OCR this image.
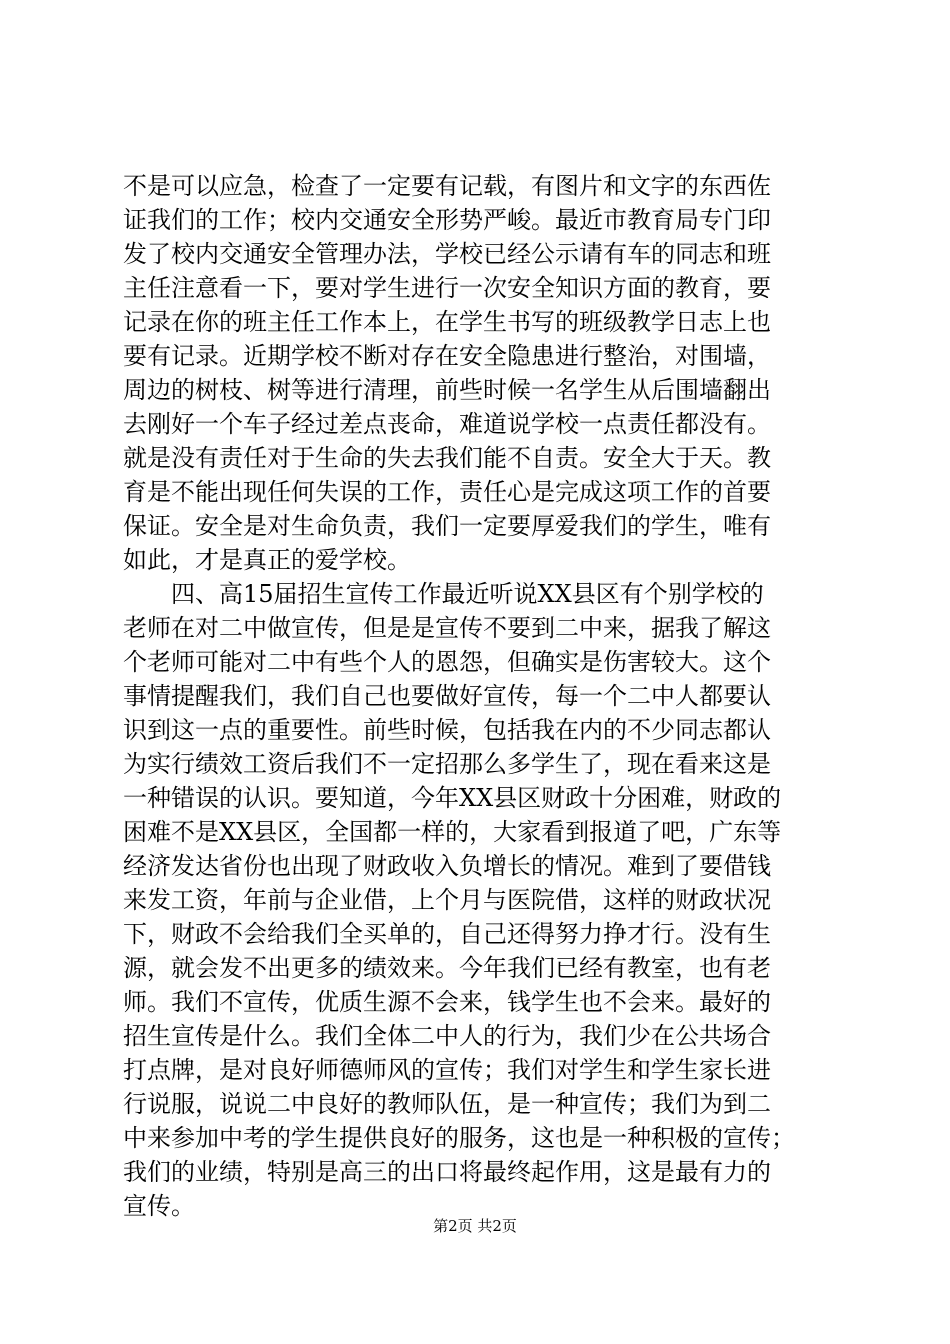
不是可以应急，检查了一定要有记载，有图片和文字的东西佐
证我们的工作；校内交通安全形势严峻。最近市教育局专门印
发了校内交通安全管理办法，学校已经公示请有车的同志和班
主任注意看一下，要对学生进行一次安全知识方面的教育，要
记录在你的班主任工作本上，在学生书写的班级教学日志上也
要有记录。近期学校不断对存在安全隐患进行整治，对围墙，
周边的树枝、树等进行清理，前些时候一名学生从后围墙翻出
去刚好一个车子经过差点丧命，难道说学校一点责任都没有。
就是没有责任对于生命的失去我们能不自责。安全大于天。教
育是不能出现任何失误的工作，责任心是完成这项工作的首要
保证。安全是对生命负责，我们一定要厚爱我们的学生，唯有
如此，才是真正的爱学校。
四、高15届招生宣传工作最近听说XX县区有个别学校的
老师在对二中做宣传，但是是宣传不要到二中来，据我了解这
个老师可能对二中有些个人的恩怨，但确实是伤害较大。这个
事情提醒我们，我们自己也要做好宣传，每一个二中人都要认
识到这一点的重要性。前些时候，包括我在内的不少同志都认
为实行绩效工资后我们不一定招那么多学生了，现在看来这是
一种错误的认识。要知道，今年XX县区财政十分困难，财政的
困难不是XX县区，全国都一样的，大家看到报道了吧，广东等
经济发达省份也出现了财政收入负增长的情况。难到了要借钱
来发工资，年前与企业借，上个月与医院借，这样的财政状况
下，财政不会给我们全买单的，自己还得努力挣才行。没有生
源，就会发不出更多的绩效来。今年我们已经有教室，也有老
师。我们不宣传，优质生源不会来，钱学生也不会来。最好的
招生宣传是什么。我们全体二中人的行为，我们少在公共场合
打点牌，是对良好师德师风的宣传；我们对学生和学生家长进
行说服，说说二中良好的教师队伍，是一种宣传；我们为到二
中来参加中考的学生提供良好的服务，这也是一种积极的宣传；
我们的业绩，特别是高三的出口将最终起作用，这是最有力的
宣传。
第2页 共2页
